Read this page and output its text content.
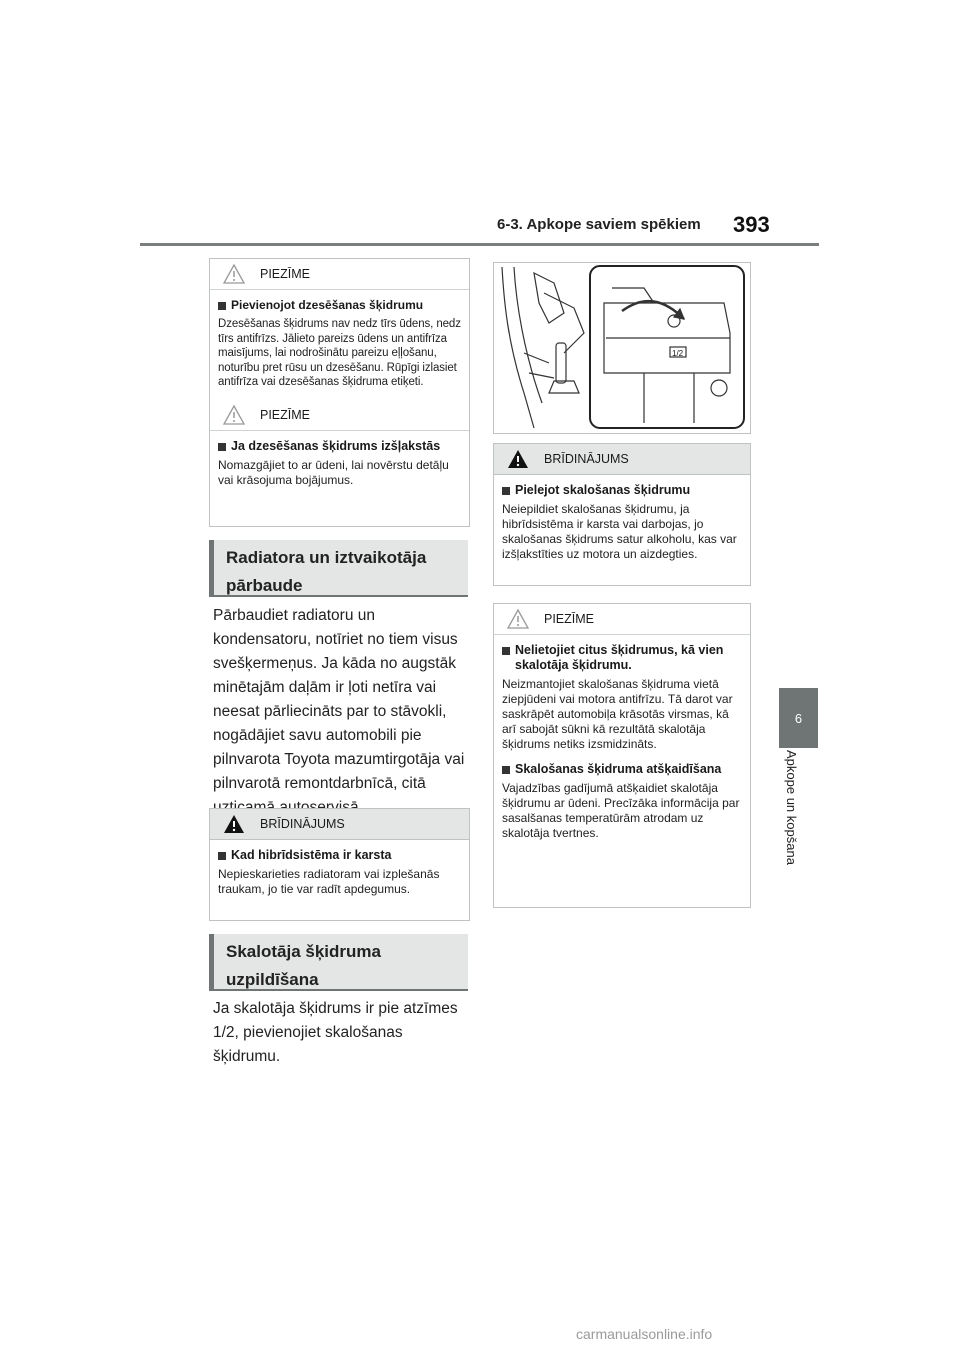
6-3. Apkope saviem spēkiem 393
6
Apkope un kopšana
PIEZĪME
Pievienojot dzesēšanas šķidrumu
Dzesēšanas šķidrums nav nedz tīrs ūdens, nedz tīrs antifrīzs. Jālieto pareizs ūdens un antifrīza maisījums, lai nodrošinātu pareizu eļļošanu, noturību pret rūsu un dzesēšanu. Rūpīgi izlasiet antifrīza vai dzesēšanas šķidruma etiķeti.
PIEZĪME
Ja dzesēšanas šķidrums izšļakstās
Nomazgājiet to ar ūdeni, lai novērstu detāļu vai krāsojuma bojājumus.
Radiatora un iztvaikotāja
pārbaude
Pārbaudiet radiatoru un kondensatoru, notīriet no tiem visus svešķermeņus. Ja kāda no augstāk minētajām daļām ir ļoti netīra vai neesat pārliecināts par to stāvokli, nogādājiet savu automobili pie pilnvarota Toyota mazumtirgotāja vai pilnvarotā remontdarbnīcā, citā
BRĪDINĀJUMS
Kad hibrīdsistēma ir karsta
Nepieskarieties radiatoram vai izplešanās traukam, jo tie var radīt apdegumus.
Skalotāja šķidruma
uzpildīšana
Ja skalotāja šķidrums ir pie atzīmes 1/2, pievienojiet skalošanas šķidrumu.
1/2
BRĪDINĀJUMS
Pielejot skalošanas šķidrumu
Neiepildiet skalošanas šķidrumu, ja hibrīdsistēma ir karsta vai darbojas, jo skalošanas šķidrums satur alkoholu, kas var izšļakstīties uz motora un aizdegties.
PIEZĪME
Nelietojiet citus šķidrumus, kā vien skalotāja šķidrumu.
Neizmantojiet skalošanas šķidruma vietā ziepjūdeni vai motora antifrīzu. Tā darot var saskrāpēt automobiļa krāsotās virsmas, kā arī sabojāt sūkni kā rezultātā skalotāja šķidrums netiks izsmidzināts.
Skalošanas šķidruma atšķaidīšana
Vajadzības gadījumā atšķaidiet skalotāja šķidrumu ar ūdeni. Precīzāka informācija par sasalšanas temperatūrām atrodam uz skalotāja tvertnes.
carmanualsonline.info
